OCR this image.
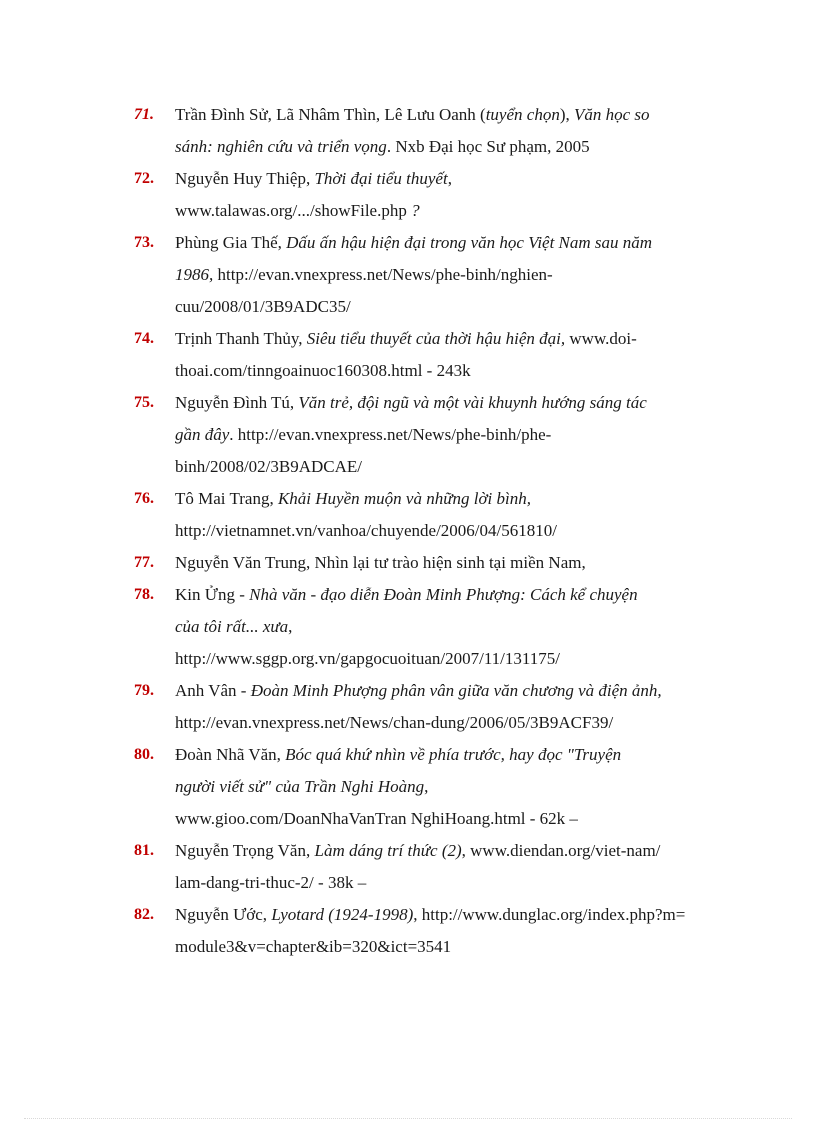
71. Trần Đình Sử, Lã Nhâm Thìn, Lê Lưu Oanh (tuyển chọn), Văn học so
sánh: nghiên cứu và triển vọng. Nxb Đại học Sư phạm, 2005
72. Nguyễn Huy Thiệp, Thời đại tiểu thuyết,
www.talawas.org/.../showFile.php ?
73. Phùng Gia Thế, Dấu ấn hậu hiện đại trong văn học Việt Nam sau năm
1986, http://evan.vnexpress.net/News/phe-binh/nghien-
cuu/2008/01/3B9ADC35/
74. Trịnh Thanh Thủy, Siêu tiểu thuyết của thời hậu hiện đại, www.doi-
thoai.com/tinngoainuoc160308.html - 243k
75. Nguyễn Đình Tú, Văn trẻ, đội ngũ và một vài khuynh hướng sáng tác
gần đây. http://evan.vnexpress.net/News/phe-binh/phe-
binh/2008/02/3B9ADCAE/
76. Tô Mai Trang, Khải Huyền muộn và những lời bình,
http://vietnamnet.vn/vanhoa/chuyende/2006/04/561810/
77. Nguyễn Văn Trung, Nhìn lại tư trào hiện sinh tại miền Nam,
78. Kin Ửng - Nhà văn - đạo diễn Đoàn Minh Phượng: Cách kể chuyện
của tôi rất... xưa,
http://www.sggp.org.vn/gapgocuoituan/2007/11/131175/
79. Anh Vân - Đoàn Minh Phượng phân vân giữa văn chương và điện ảnh,
http://evan.vnexpress.net/News/chan-dung/2006/05/3B9ACF39/
80. Đoàn Nhã Văn, Bóc quá khứ nhìn về phía trước, hay đọc "Truyện
người viết sử" của Trần Nghi Hoàng,
www.gioo.com/DoanNhaVanTran NghiHoang.html - 62k –
81. Nguyễn Trọng Văn, Làm dáng trí thức (2), www.diendan.org/viet-nam/
lam-dang-tri-thuc-2/ - 38k –
82. Nguyễn Ước, Lyotard (1924-1998), http://www.dunglac.org/index.php?m=
module3&v=chapter&ib=320&ict=3541
